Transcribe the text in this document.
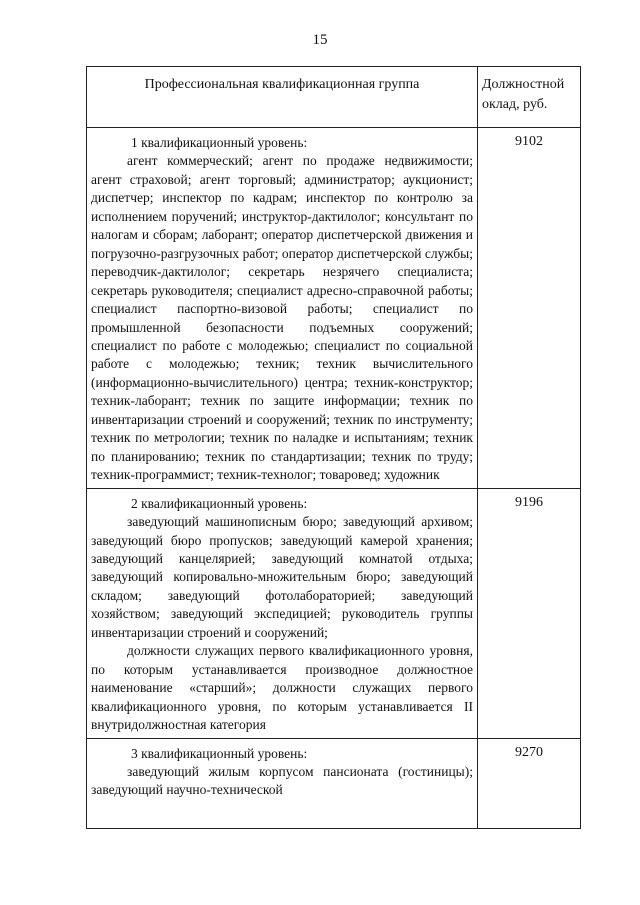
15
Профессиональная квалификационная группа	Должностной оклад, руб.

1 квалификационный уровень:
агент коммерческий; агент по продаже недвижимости; агент страховой; агент торговый; администратор; аукционист; диспетчер; инспектор по кадрам; инспектор по контролю за исполнением поручений; инструктор-дактилолог; консультант по налогам и сборам; лаборант; оператор диспетчерской движения и погрузочно-разгрузочных работ; оператор диспетчерской службы; переводчик-дактилолог; секретарь незрячего специалиста; секретарь руководителя; специалист адресно-справочной работы; специалист паспортно-визовой работы; специалист по промышленной безопасности подъемных сооружений; специалист по работе с молодежью; специалист по социальной работе с молодежью; техник; техник вычислительного (информационно-вычислительного) центра; техник-конструктор; техник-лаборант; техник по защите информации; техник по инвентаризации строений и сооружений; техник по инструменту; техник по метрологии; техник по наладке и испытаниям; техник по планированию; техник по стандартизации; техник по труду; техник-программист; техник-технолог; товаровед; художник	9102

2 квалификационный уровень:
заведующий машинописным бюро; заведующий архивом; заведующий бюро пропусков; заведующий камерой хранения; заведующий канцелярией; заведующий комнатой отдыха; заведующий копировально-множительным бюро; заведующий складом; заведующий фотолабораторией; заведующий хозяйством; заведующий экспедицией; руководитель группы инвентаризации строений и сооружений;
должности служащих первого квалификационного уровня, по которым устанавливается производное должностное наименование «старший»; должности служащих первого квалификационного уровня, по которым устанавливается II внутридолжностная категория	9196

3 квалификационный уровень:
заведующий жилым корпусом пансионата (гостиницы); заведующий научно-технической	9270
